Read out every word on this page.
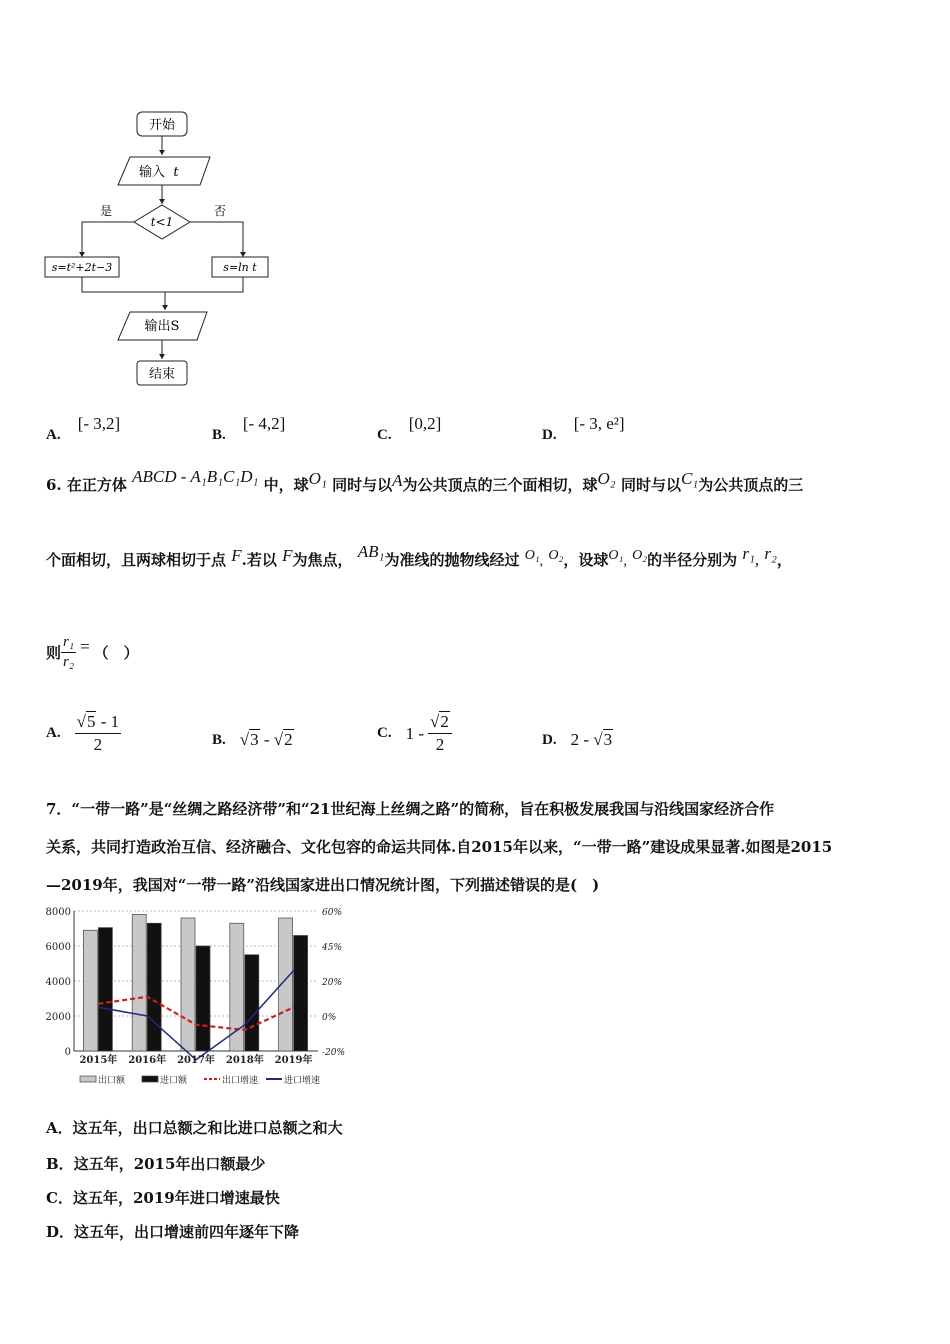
开始
输入 t
t<1
是	否
s=t²+2t−3	s=ln t
输出S
结束
A. [- 3,2]
B. [- 4,2]
C. [0,2]
D. [- 3, e²]
6. 在正方体 ABCD - A₁B₁C₁D₁ 中，球O₁ 同时与以A为公共顶点的三个面相切，球O₂ 同时与以C₁为公共顶点的三
个面相切，且两球相切于点 F.若以 F为焦点， AB₁为准线的抛物线经过 O₁, O₂，设球O₁, O₂的半径分别为 r₁, r₂，
则 $\frac{\text{r₁}}{\text{r₂}}$ = （　）
A. $\frac{√5 - 1}{2}$	B. √3 - √2	C. $1 - \frac{√2}{2}$	D. 2 - √3
7．“一带一路”是“丝绸之路经济带”和“21世纪海上丝绸之路”的简称，旨在积极发展我国与沿线国家经济合作
关系，共同打造政治互信、经济融合、文化包容的命运共同体.自2015年以来，“一带一路”建设成果显著.如图是2015
—2019年，我国对“一带一路”沿线国家进出口情况统计图，下列描述错误的是(　)
0
2000
4000
6000
8000
-20%
0%
20%
45%
60%
2015年 2016年 2017年 2018年 2019年
出口额	进口额	出口增速	进口增速
A．这五年，出口总额之和比进口总额之和大
B．这五年，2015年出口额最少
C．这五年，2019年进口增速最快
D．这五年，出口增速前四年逐年下降
